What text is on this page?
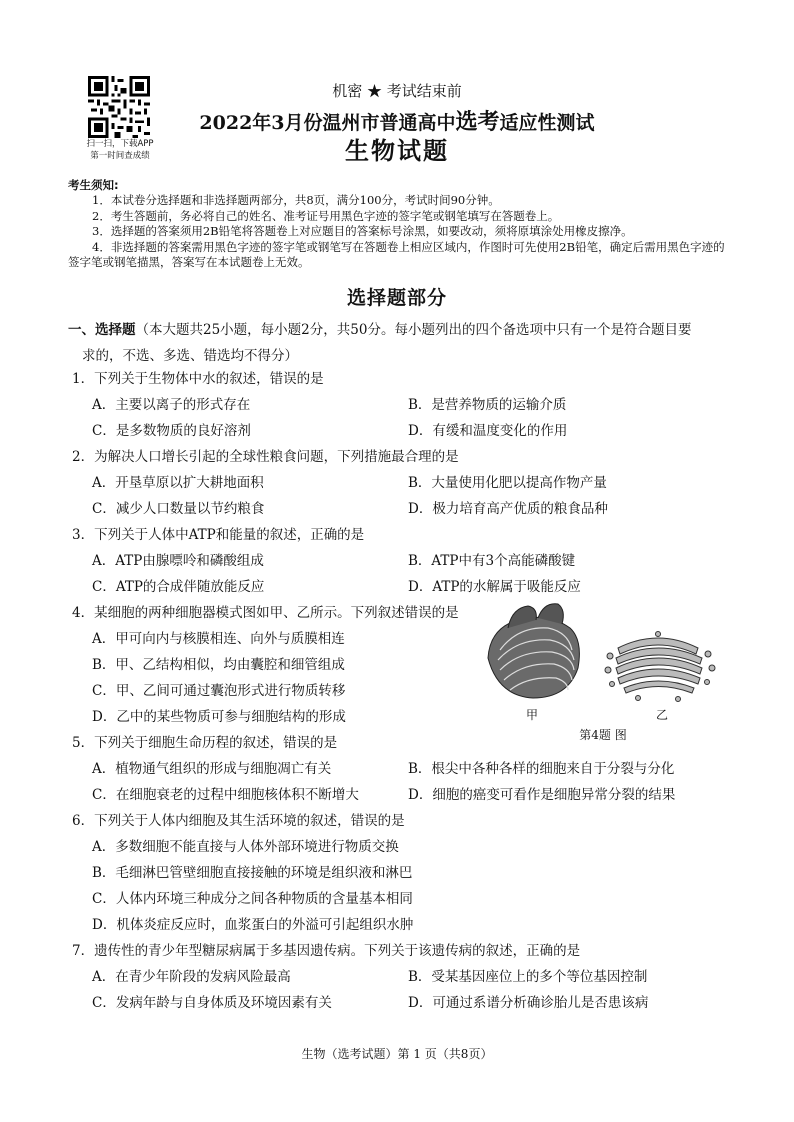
扫一扫，下载APP
第一时间查成绩
机密 ★ 考试结束前
2022年3月份温州市普通高中选考适应性测试
生物试题
考生须知:
1．本试卷分选择题和非选择题两部分，共8页，满分100分，考试时间90分钟。
2．考生答题前，务必将自己的姓名、准考证号用黑色字迹的签字笔或钢笔填写在答题卷上。
3．选择题的答案须用2B铅笔将答题卷上对应题目的答案标号涂黑，如要改动，须将原填涂处用橡皮擦净。
4．非选择题的答案需用黑色字迹的签字笔或钢笔写在答题卷上相应区域内，作图时可先使用2B铅笔，确定后需用黑色字迹的签字笔或钢笔描黑，答案写在本试题卷上无效。
选择题部分
一、选择题（本大题共25小题，每小题2分，共50分。每小题列出的四个备选项中只有一个是符合题目要
求的，不选、多选、错选均不得分）
1．下列关于生物体中水的叙述，错误的是
A．主要以离子的形式存在	B．是营养物质的运输介质
C．是多数物质的良好溶剂	D．有缓和温度变化的作用
2．为解决人口增长引起的全球性粮食问题，下列措施最合理的是
A．开垦草原以扩大耕地面积	B．大量使用化肥以提高作物产量
C．减少人口数量以节约粮食	D．极力培育高产优质的粮食品种
3．下列关于人体中ATP和能量的叙述，正确的是
A．ATP由腺嘌呤和磷酸组成	B．ATP中有3个高能磷酸键
C．ATP的合成伴随放能反应	D．ATP的水解属于吸能反应
4．某细胞的两种细胞器模式图如甲、乙所示。下列叙述错误的是
A．甲可向内与核膜相连、向外与质膜相连
B．甲、乙结构相似，均由囊腔和细管组成
C．甲、乙间可通过囊泡形式进行物质转移
D．乙中的某些物质可参与细胞结构的形成	甲	乙
第4题 图
5．下列关于细胞生命历程的叙述，错误的是
A．植物通气组织的形成与细胞凋亡有关	B．根尖中各种各样的细胞来自于分裂与分化
C．在细胞衰老的过程中细胞核体积不断增大	D．细胞的癌变可看作是细胞异常分裂的结果
6．下列关于人体内细胞及其生活环境的叙述，错误的是
A．多数细胞不能直接与人体外部环境进行物质交换
B．毛细淋巴管壁细胞直接接触的环境是组织液和淋巴
C．人体内环境三种成分之间各种物质的含量基本相同
D．机体炎症反应时，血浆蛋白的外溢可引起组织水肿
7．遗传性的青少年型糖尿病属于多基因遗传病。下列关于该遗传病的叙述，正确的是
A．在青少年阶段的发病风险最高	B．受某基因座位上的多个等位基因控制
C．发病年龄与自身体质及环境因素有关	D．可通过系谱分析确诊胎儿是否患该病
生物（选考试题）第 1 页（共8页）
